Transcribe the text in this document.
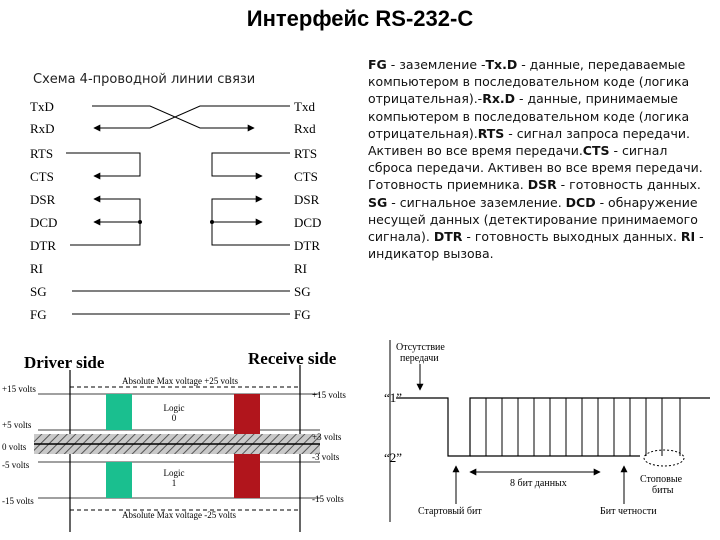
Интерфейс RS-232-C
Схема 4-проводной линии связи
FG - заземление -Tx.D - данные, передаваемые компьютером в последовательном коде (логика отрицательная).-Rx.D - данные, принимаемые компьютером в последовательном коде (логика отрицательная).RTS - сигнал запроса передачи. Активен во все время передачи.CTS - сигнал сброса передачи. Активен во все время передачи. Готовность приемника. DSR - готовность данных. SG - сигнальное заземление. DCD - обнаружение несущей данных (детектирование принимаемого сигнала). DTR - готовность выходных данных. RI - индикатор вызова.
TxD	Txd
RxD	Rxd
RTS	RTS
CTS	CTS
DSR	DSR
DCD	DCD
DTR	DTR
RI	RI
SG	SG
FG	FG
Driver side	Receive side
Absolute Max voltage +25 volts
Absolute Max voltage -25 volts
Logic
0
Logic
1
+15 volts
+5 volts
0 volts
-5 volts
-15 volts
+15 volts
+3 volts
-3 volts
-15 volts
Отсутствие
передачи
“1”
“2”
8 бит данных	Стоповые
биты
Стартовый бит	Бит четности
